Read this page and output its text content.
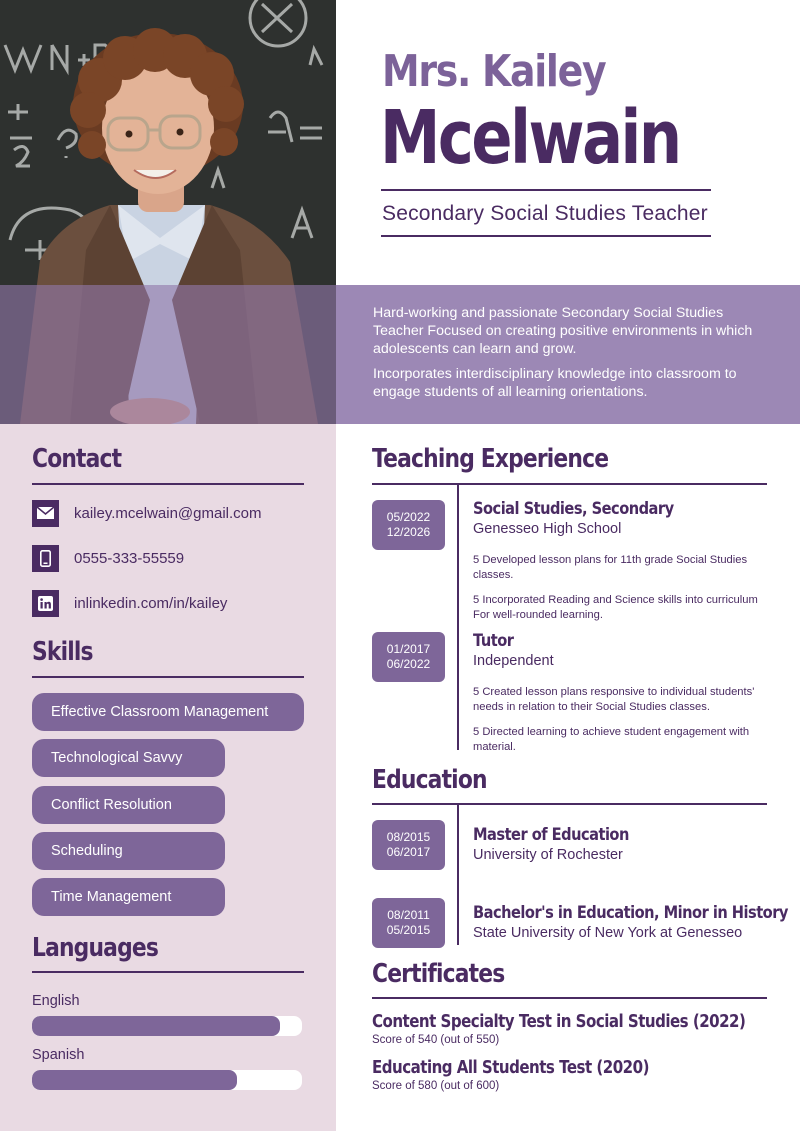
Mrs. Kailey
Mcelwain
Secondary Social Studies Teacher

Hard-working and passionate Secondary Social Studies Teacher Focused on creating positive environments in which adolescents can learn and grow.

Incorporates interdisciplinary knowledge into classroom to engage students of all learning orientations.

Contact
kailey.mcelwain@gmail.com
0555-333-55559
inlinkedin.com/in/kailey
Skills
Effective Classroom Management
Technological Savvy
Conflict Resolution
Scheduling
Time Management
Languages
English
Spanish
Teaching Experience
05/2022
12/2026
Social Studies, Secondary
Genesseo High School
5 Developed lesson plans for 11th grade Social Studies classes.
5 Incorporated Reading and Science skills into curriculum For well-rounded learning.
01/2017
06/2022
Tutor
Independent
5 Created lesson plans responsive to individual students' needs in relation to their Social Studies classes.
5 Directed learning to achieve student engagement with material.
Education
08/2015
06/2017
Master of Education
University of Rochester
08/2011
05/2015
Bachelor's in Education, Minor in History
State University of New York at Genesseo
Certificates
Content Specialty Test in Social Studies (2022)
Score of 540 (out of 550)
Educating All Students Test (2020)
Score of 580 (out of 600)
